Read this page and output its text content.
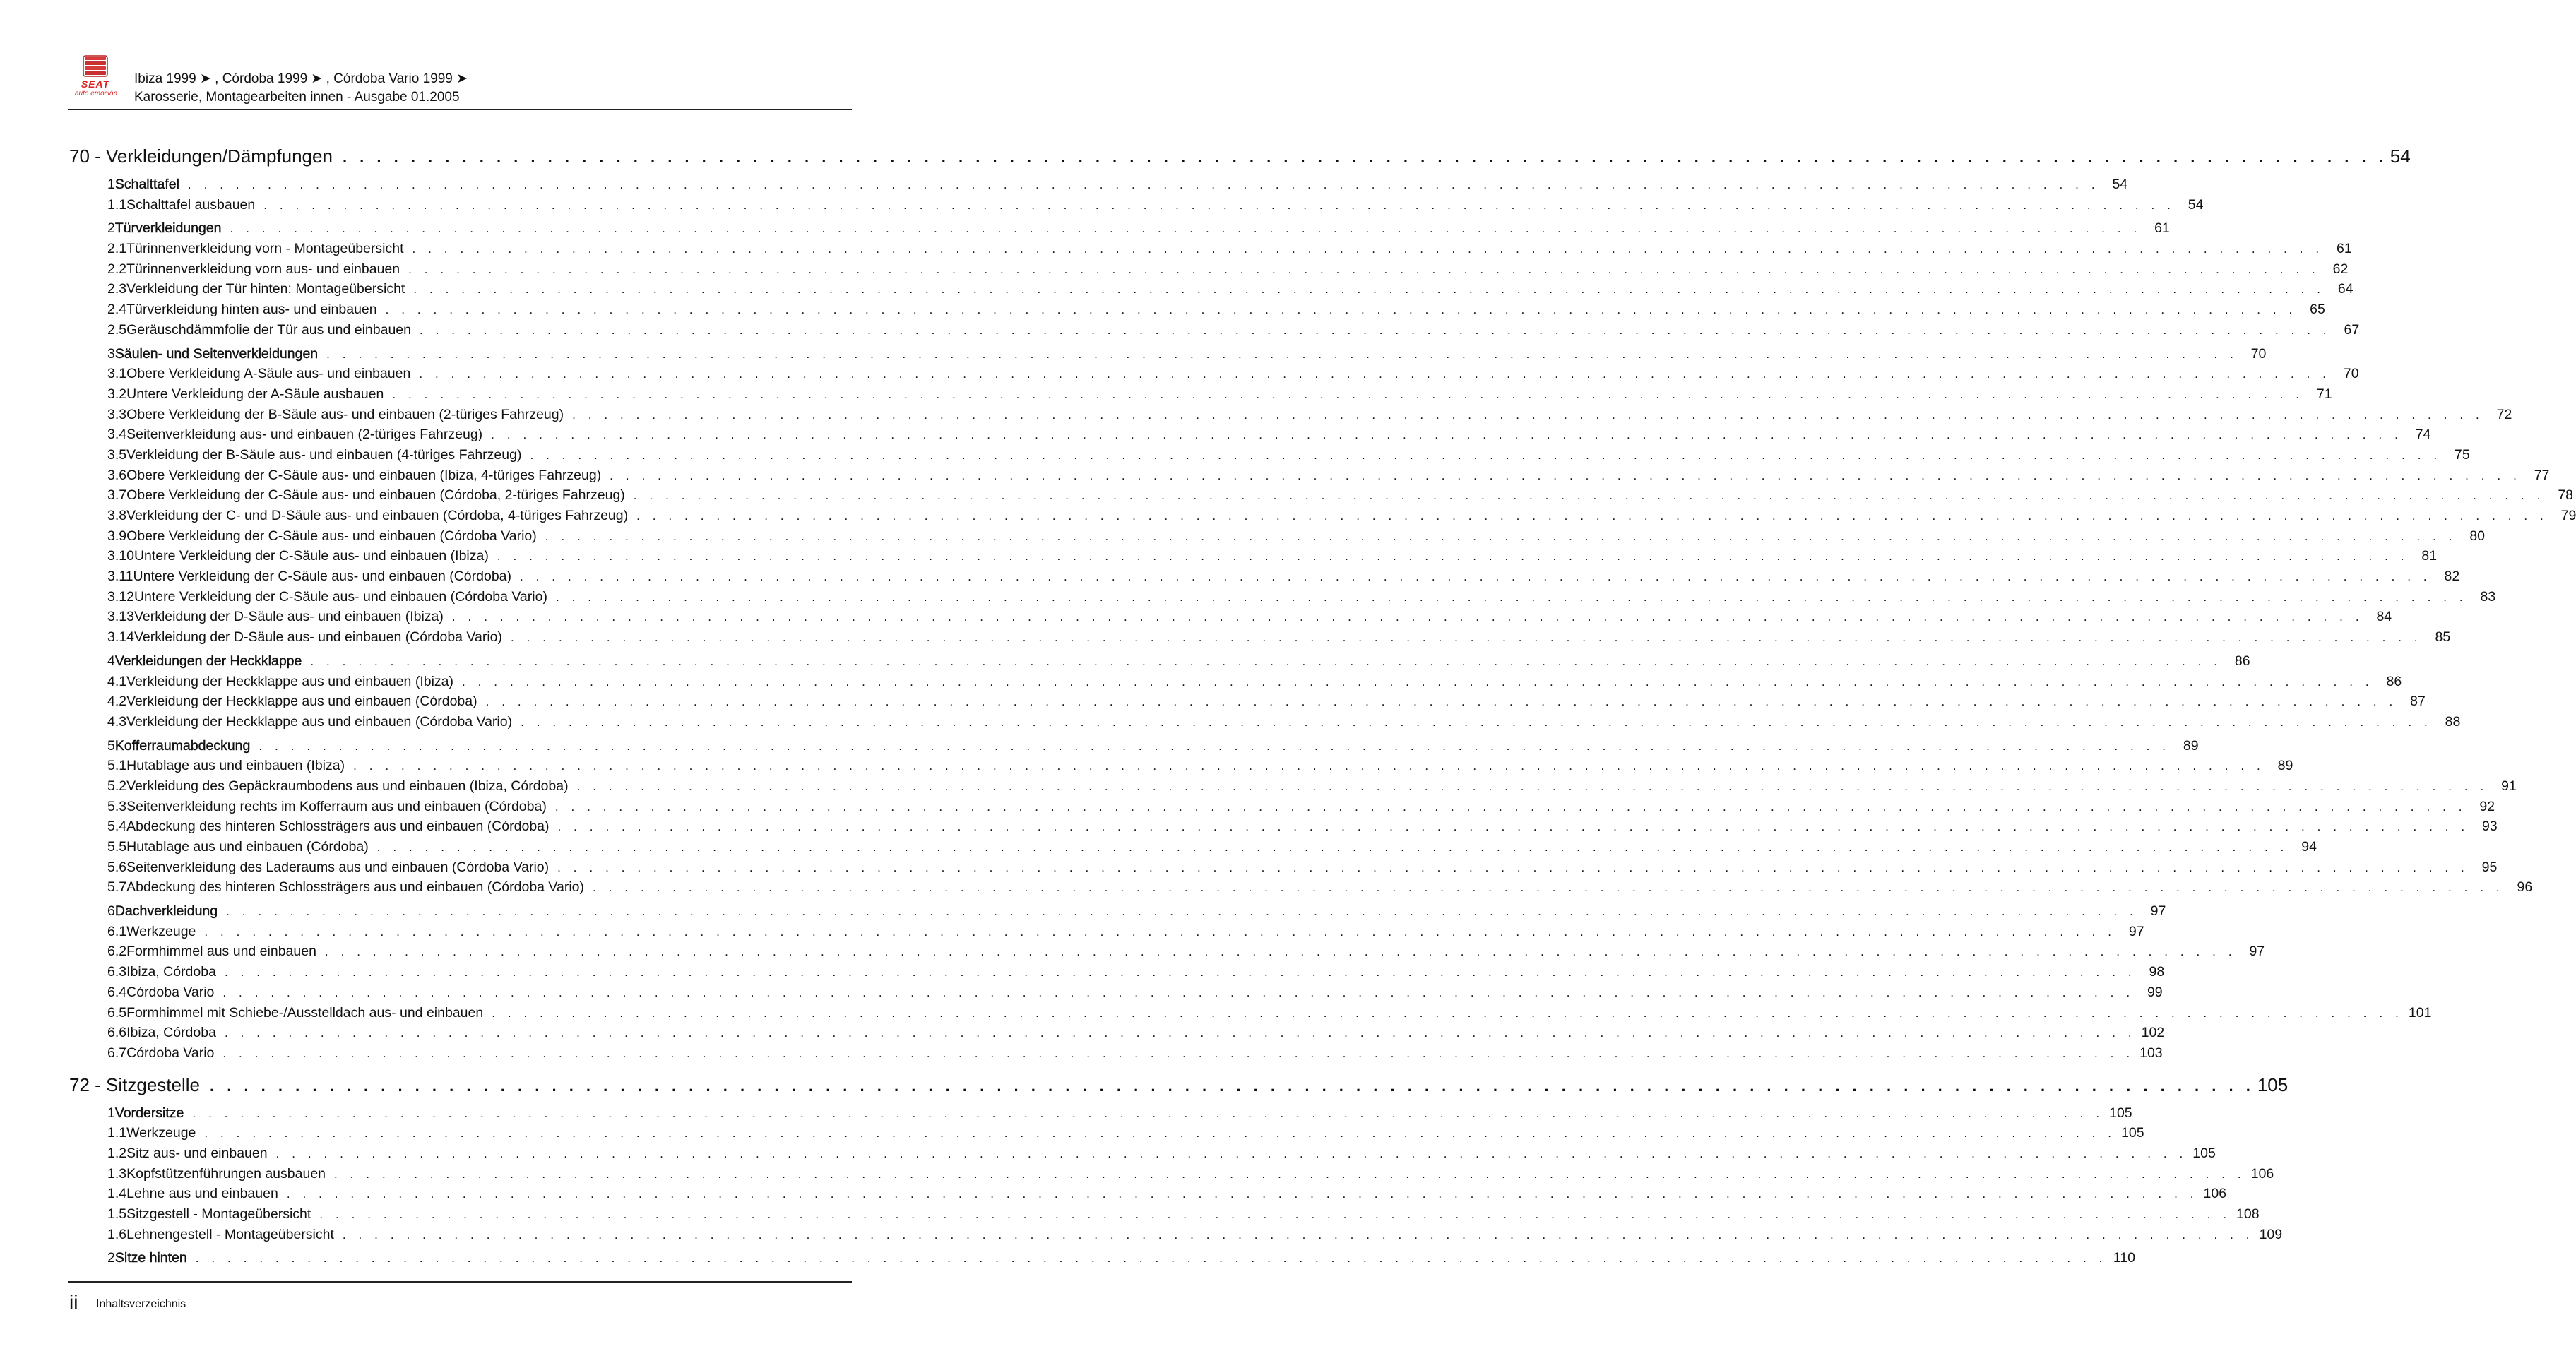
SEAT
auto emoción
Ibiza 1999 ➤ , Córdoba 1999 ➤ , Córdoba Vario 1999 ➤
Karosserie, Montagearbeiten innen - Ausgabe 01.2005
70 - Verkleidungen/Dämpfungen . . . . . . . . . . . . . . . . . . . . . . . . . . . . . . . . . . . . . . . . . . . . . . . . . . . . . . . . . . . . . . . . . . . . . . . . . . . . . . . . . . . . . . . . . . . . . . . . . . . . . . . . . . . . . . . . . . . . . . . . 54
1 Schalttafel . . . . . . . . . . . . . . . . . . . . . . . . . . . . . . . . . . . . . . . . . . . . . . . . . . . . . . . . . . . . . . . . . . . . . . . . . . . . . . . . . . . . . . . . . . . . . . . . . . . . . . . . . . . . . . . . . . . . . . . . 54
1.1 Schalttafel ausbauen . . . . . . . . . . . . . . . . . . . . . . . . . . . . . . . . . . . . . . . . . . . . . . . . . . . . . . . . . . . . . . . . . . . . . . . . . . . . . . . . . . . . . . . . . . . . . . . . . . . . . . . . . . . . . . . . . . . . . . . . 54
2 Türverkleidungen . . . . . . . . . . . . . . . . . . . . . . . . . . . . . . . . . . . . . . . . . . . . . . . . . . . . . . . . . . . . . . . . . . . . . . . . . . . . . . . . . . . . . . . . . . . . . . . . . . . . . . . . . . . . . . . . . . . . . . . . 61
2.1 Türinnenverkleidung vorn - Montageübersicht . . . . . . . . . . . . . . . . . . . . . . . . . . . . . . . . . . . . . . . . . . . . . . . . . . . . . . . . . . . . . . . . . . . . . . . . . . . . . . . . . . . . . . . . . . . . . . . . . . . . . . . . . . . . . . . . . . . . . . . . 61
2.2 Türinnenverkleidung vorn aus- und einbauen . . . . . . . . . . . . . . . . . . . . . . . . . . . . . . . . . . . . . . . . . . . . . . . . . . . . . . . . . . . . . . . . . . . . . . . . . . . . . . . . . . . . . . . . . . . . . . . . . . . . . . . . . . . . . . . . . . . . . . . . 62
2.3 Verkleidung der Tür hinten: Montageübersicht . . . . . . . . . . . . . . . . . . . . . . . . . . . . . . . . . . . . . . . . . . . . . . . . . . . . . . . . . . . . . . . . . . . . . . . . . . . . . . . . . . . . . . . . . . . . . . . . . . . . . . . . . . . . . . . . . . . . . . . . 64
2.4 Türverkleidung hinten aus- und einbauen . . . . . . . . . . . . . . . . . . . . . . . . . . . . . . . . . . . . . . . . . . . . . . . . . . . . . . . . . . . . . . . . . . . . . . . . . . . . . . . . . . . . . . . . . . . . . . . . . . . . . . . . . . . . . . . . . . . . . . . . 65
2.5 Geräuschdämmfolie der Tür aus und einbauen . . . . . . . . . . . . . . . . . . . . . . . . . . . . . . . . . . . . . . . . . . . . . . . . . . . . . . . . . . . . . . . . . . . . . . . . . . . . . . . . . . . . . . . . . . . . . . . . . . . . . . . . . . . . . . . . . . . . . . . . 67
3 Säulen- und Seitenverkleidungen . . . . . . . . . . . . . . . . . . . . . . . . . . . . . . . . . . . . . . . . . . . . . . . . . . . . . . . . . . . . . . . . . . . . . . . . . . . . . . . . . . . . . . . . . . . . . . . . . . . . . . . . . . . . . . . . . . . . . . . . 70
3.1 Obere Verkleidung A-Säule aus- und einbauen . . . . . . . . . . . . . . . . . . . . . . . . . . . . . . . . . . . . . . . . . . . . . . . . . . . . . . . . . . . . . . . . . . . . . . . . . . . . . . . . . . . . . . . . . . . . . . . . . . . . . . . . . . . . . . . . . . . . . . . . 70
3.2 Untere Verkleidung der A-Säule ausbauen . . . . . . . . . . . . . . . . . . . . . . . . . . . . . . . . . . . . . . . . . . . . . . . . . . . . . . . . . . . . . . . . . . . . . . . . . . . . . . . . . . . . . . . . . . . . . . . . . . . . . . . . . . . . . . . . . . . . . . . . 71
3.3 Obere Verkleidung der B-Säule aus- und einbauen (2-türiges Fahrzeug) . . . . . . . . . . . . . . . . . . . . . . . . . . . . . . . . . . . . . . . . . . . . . . . . . . . . . . . . . . . . . . . . . . . . . . . . . . . . . . . . . . . . . . . . . . . . . . . . . . . . . . . . . . . . . . . . . . . . . . . . 72
3.4 Seitenverkleidung aus- und einbauen (2-türiges Fahrzeug) . . . . . . . . . . . . . . . . . . . . . . . . . . . . . . . . . . . . . . . . . . . . . . . . . . . . . . . . . . . . . . . . . . . . . . . . . . . . . . . . . . . . . . . . . . . . . . . . . . . . . . . . . . . . . . . . . . . . . . . . 74
3.5 Verkleidung der B-Säule aus- und einbauen (4-türiges Fahrzeug) . . . . . . . . . . . . . . . . . . . . . . . . . . . . . . . . . . . . . . . . . . . . . . . . . . . . . . . . . . . . . . . . . . . . . . . . . . . . . . . . . . . . . . . . . . . . . . . . . . . . . . . . . . . . . . . . . . . . . . . . 75
3.6 Obere Verkleidung der C-Säule aus- und einbauen (Ibiza, 4-türiges Fahrzeug) . . . . . . . . . . . . . . . . . . . . . . . . . . . . . . . . . . . . . . . . . . . . . . . . . . . . . . . . . . . . . . . . . . . . . . . . . . . . . . . . . . . . . . . . . . . . . . . . . . . . . . . . . . . . . . . . . . . . . . . . 77
3.7 Obere Verkleidung der C-Säule aus- und einbauen (Córdoba, 2-türiges Fahrzeug) . . . . . . . . . . . . . . . . . . . . . . . . . . . . . . . . . . . . . . . . . . . . . . . . . . . . . . . . . . . . . . . . . . . . . . . . . . . . . . . . . . . . . . . . . . . . . . . . . . . . . . . . . . . . . . . . . . . . . . . . 78
3.8 Verkleidung der C- und D-Säule aus- und einbauen (Córdoba, 4-türiges Fahrzeug) . . . . . . . . . . . . . . . . . . . . . . . . . . . . . . . . . . . . . . . . . . . . . . . . . . . . . . . . . . . . . . . . . . . . . . . . . . . . . . . . . . . . . . . . . . . . . . . . . . . . . . . . . . . . . . . . . . . . . . . . 79
3.9 Obere Verkleidung der C-Säule aus- und einbauen (Córdoba Vario) . . . . . . . . . . . . . . . . . . . . . . . . . . . . . . . . . . . . . . . . . . . . . . . . . . . . . . . . . . . . . . . . . . . . . . . . . . . . . . . . . . . . . . . . . . . . . . . . . . . . . . . . . . . . . . . . . . . . . . . . 80
3.10 Untere Verkleidung der C-Säule aus- und einbauen (Ibiza) . . . . . . . . . . . . . . . . . . . . . . . . . . . . . . . . . . . . . . . . . . . . . . . . . . . . . . . . . . . . . . . . . . . . . . . . . . . . . . . . . . . . . . . . . . . . . . . . . . . . . . . . . . . . . . . . . . . . . . . . 81
3.11 Untere Verkleidung der C-Säule aus- und einbauen (Córdoba) . . . . . . . . . . . . . . . . . . . . . . . . . . . . . . . . . . . . . . . . . . . . . . . . . . . . . . . . . . . . . . . . . . . . . . . . . . . . . . . . . . . . . . . . . . . . . . . . . . . . . . . . . . . . . . . . . . . . . . . . 82
3.12 Untere Verkleidung der C-Säule aus- und einbauen (Córdoba Vario) . . . . . . . . . . . . . . . . . . . . . . . . . . . . . . . . . . . . . . . . . . . . . . . . . . . . . . . . . . . . . . . . . . . . . . . . . . . . . . . . . . . . . . . . . . . . . . . . . . . . . . . . . . . . . . . . . . . . . . . . 83
3.13 Verkleidung der D-Säule aus- und einbauen (Ibiza) . . . . . . . . . . . . . . . . . . . . . . . . . . . . . . . . . . . . . . . . . . . . . . . . . . . . . . . . . . . . . . . . . . . . . . . . . . . . . . . . . . . . . . . . . . . . . . . . . . . . . . . . . . . . . . . . . . . . . . . . 84
3.14 Verkleidung der D-Säule aus- und einbauen (Córdoba Vario) . . . . . . . . . . . . . . . . . . . . . . . . . . . . . . . . . . . . . . . . . . . . . . . . . . . . . . . . . . . . . . . . . . . . . . . . . . . . . . . . . . . . . . . . . . . . . . . . . . . . . . . . . . . . . . . . . . . . . . . . 85
4 Verkleidungen der Heckklappe . . . . . . . . . . . . . . . . . . . . . . . . . . . . . . . . . . . . . . . . . . . . . . . . . . . . . . . . . . . . . . . . . . . . . . . . . . . . . . . . . . . . . . . . . . . . . . . . . . . . . . . . . . . . . . . . . . . . . . . . 86
4.1 Verkleidung der Heckklappe aus und einbauen (Ibiza) . . . . . . . . . . . . . . . . . . . . . . . . . . . . . . . . . . . . . . . . . . . . . . . . . . . . . . . . . . . . . . . . . . . . . . . . . . . . . . . . . . . . . . . . . . . . . . . . . . . . . . . . . . . . . . . . . . . . . . . . 86
4.2 Verkleidung der Heckklappe aus und einbauen (Córdoba) . . . . . . . . . . . . . . . . . . . . . . . . . . . . . . . . . . . . . . . . . . . . . . . . . . . . . . . . . . . . . . . . . . . . . . . . . . . . . . . . . . . . . . . . . . . . . . . . . . . . . . . . . . . . . . . . . . . . . . . . 87
4.3 Verkleidung der Heckklappe aus und einbauen (Córdoba Vario) . . . . . . . . . . . . . . . . . . . . . . . . . . . . . . . . . . . . . . . . . . . . . . . . . . . . . . . . . . . . . . . . . . . . . . . . . . . . . . . . . . . . . . . . . . . . . . . . . . . . . . . . . . . . . . . . . . . . . . . . 88
5 Kofferraumabdeckung . . . . . . . . . . . . . . . . . . . . . . . . . . . . . . . . . . . . . . . . . . . . . . . . . . . . . . . . . . . . . . . . . . . . . . . . . . . . . . . . . . . . . . . . . . . . . . . . . . . . . . . . . . . . . . . . . . . . . . . . 89
5.1 Hutablage aus und einbauen (Ibiza) . . . . . . . . . . . . . . . . . . . . . . . . . . . . . . . . . . . . . . . . . . . . . . . . . . . . . . . . . . . . . . . . . . . . . . . . . . . . . . . . . . . . . . . . . . . . . . . . . . . . . . . . . . . . . . . . . . . . . . . . 89
5.2 Verkleidung des Gepäckraumbodens aus und einbauen (Ibiza, Córdoba) . . . . . . . . . . . . . . . . . . . . . . . . . . . . . . . . . . . . . . . . . . . . . . . . . . . . . . . . . . . . . . . . . . . . . . . . . . . . . . . . . . . . . . . . . . . . . . . . . . . . . . . . . . . . . . . . . . . . . . . . 91
5.3 Seitenverkleidung rechts im Kofferraum aus und einbauen (Córdoba) . . . . . . . . . . . . . . . . . . . . . . . . . . . . . . . . . . . . . . . . . . . . . . . . . . . . . . . . . . . . . . . . . . . . . . . . . . . . . . . . . . . . . . . . . . . . . . . . . . . . . . . . . . . . . . . . . . . . . . . . 92
5.4 Abdeckung des hinteren Schlossträgers aus und einbauen (Córdoba) . . . . . . . . . . . . . . . . . . . . . . . . . . . . . . . . . . . . . . . . . . . . . . . . . . . . . . . . . . . . . . . . . . . . . . . . . . . . . . . . . . . . . . . . . . . . . . . . . . . . . . . . . . . . . . . . . . . . . . . . 93
5.5 Hutablage aus und einbauen (Córdoba) . . . . . . . . . . . . . . . . . . . . . . . . . . . . . . . . . . . . . . . . . . . . . . . . . . . . . . . . . . . . . . . . . . . . . . . . . . . . . . . . . . . . . . . . . . . . . . . . . . . . . . . . . . . . . . . . . . . . . . . . 94
5.6 Seitenverkleidung des Laderaums aus und einbauen (Córdoba Vario) . . . . . . . . . . . . . . . . . . . . . . . . . . . . . . . . . . . . . . . . . . . . . . . . . . . . . . . . . . . . . . . . . . . . . . . . . . . . . . . . . . . . . . . . . . . . . . . . . . . . . . . . . . . . . . . . . . . . . . . . 95
5.7 Abdeckung des hinteren Schlossträgers aus und einbauen (Córdoba Vario) . . . . . . . . . . . . . . . . . . . . . . . . . . . . . . . . . . . . . . . . . . . . . . . . . . . . . . . . . . . . . . . . . . . . . . . . . . . . . . . . . . . . . . . . . . . . . . . . . . . . . . . . . . . . . . . . . . . . . . . . 96
6 Dachverkleidung . . . . . . . . . . . . . . . . . . . . . . . . . . . . . . . . . . . . . . . . . . . . . . . . . . . . . . . . . . . . . . . . . . . . . . . . . . . . . . . . . . . . . . . . . . . . . . . . . . . . . . . . . . . . . . . . . . . . . . . . 97
6.1 Werkzeuge . . . . . . . . . . . . . . . . . . . . . . . . . . . . . . . . . . . . . . . . . . . . . . . . . . . . . . . . . . . . . . . . . . . . . . . . . . . . . . . . . . . . . . . . . . . . . . . . . . . . . . . . . . . . . . . . . . . . . . . . 97
6.2 Formhimmel aus und einbauen . . . . . . . . . . . . . . . . . . . . . . . . . . . . . . . . . . . . . . . . . . . . . . . . . . . . . . . . . . . . . . . . . . . . . . . . . . . . . . . . . . . . . . . . . . . . . . . . . . . . . . . . . . . . . . . . . . . . . . . . 97
6.3 Ibiza, Córdoba . . . . . . . . . . . . . . . . . . . . . . . . . . . . . . . . . . . . . . . . . . . . . . . . . . . . . . . . . . . . . . . . . . . . . . . . . . . . . . . . . . . . . . . . . . . . . . . . . . . . . . . . . . . . . . . . . . . . . . . . 98
6.4 Córdoba Vario . . . . . . . . . . . . . . . . . . . . . . . . . . . . . . . . . . . . . . . . . . . . . . . . . . . . . . . . . . . . . . . . . . . . . . . . . . . . . . . . . . . . . . . . . . . . . . . . . . . . . . . . . . . . . . . . . . . . . . . . 99
6.5 Formhimmel mit Schiebe-/Ausstelldach aus- und einbauen . . . . . . . . . . . . . . . . . . . . . . . . . . . . . . . . . . . . . . . . . . . . . . . . . . . . . . . . . . . . . . . . . . . . . . . . . . . . . . . . . . . . . . . . . . . . . . . . . . . . . . . . . . . . . . . . . . . . . . . . 101
6.6 Ibiza, Córdoba . . . . . . . . . . . . . . . . . . . . . . . . . . . . . . . . . . . . . . . . . . . . . . . . . . . . . . . . . . . . . . . . . . . . . . . . . . . . . . . . . . . . . . . . . . . . . . . . . . . . . . . . . . . . . . . . . . . . . . . . 102
6.7 Córdoba Vario . . . . . . . . . . . . . . . . . . . . . . . . . . . . . . . . . . . . . . . . . . . . . . . . . . . . . . . . . . . . . . . . . . . . . . . . . . . . . . . . . . . . . . . . . . . . . . . . . . . . . . . . . . . . . . . . . . . . . . . . 103
72 - Sitzgestelle . . . . . . . . . . . . . . . . . . . . . . . . . . . . . . . . . . . . . . . . . . . . . . . . . . . . . . . . . . . . . . . . . . . . . . . . . . . . . . . . . . . . . . . . . . . . . . . . . . . . . . . . . . . . . . . . . . . . . . . . 105
1 Vordersitze . . . . . . . . . . . . . . . . . . . . . . . . . . . . . . . . . . . . . . . . . . . . . . . . . . . . . . . . . . . . . . . . . . . . . . . . . . . . . . . . . . . . . . . . . . . . . . . . . . . . . . . . . . . . . . . . . . . . . . . . 105
1.1 Werkzeuge . . . . . . . . . . . . . . . . . . . . . . . . . . . . . . . . . . . . . . . . . . . . . . . . . . . . . . . . . . . . . . . . . . . . . . . . . . . . . . . . . . . . . . . . . . . . . . . . . . . . . . . . . . . . . . . . . . . . . . . . 105
1.2 Sitz aus- und einbauen . . . . . . . . . . . . . . . . . . . . . . . . . . . . . . . . . . . . . . . . . . . . . . . . . . . . . . . . . . . . . . . . . . . . . . . . . . . . . . . . . . . . . . . . . . . . . . . . . . . . . . . . . . . . . . . . . . . . . . . . 105
1.3 Kopfstützenführungen ausbauen . . . . . . . . . . . . . . . . . . . . . . . . . . . . . . . . . . . . . . . . . . . . . . . . . . . . . . . . . . . . . . . . . . . . . . . . . . . . . . . . . . . . . . . . . . . . . . . . . . . . . . . . . . . . . . . . . . . . . . . . 106
1.4 Lehne aus und einbauen . . . . . . . . . . . . . . . . . . . . . . . . . . . . . . . . . . . . . . . . . . . . . . . . . . . . . . . . . . . . . . . . . . . . . . . . . . . . . . . . . . . . . . . . . . . . . . . . . . . . . . . . . . . . . . . . . . . . . . . . 106
1.5 Sitzgestell - Montageübersicht . . . . . . . . . . . . . . . . . . . . . . . . . . . . . . . . . . . . . . . . . . . . . . . . . . . . . . . . . . . . . . . . . . . . . . . . . . . . . . . . . . . . . . . . . . . . . . . . . . . . . . . . . . . . . . . . . . . . . . . . 108
1.6 Lehnengestell - Montageübersicht . . . . . . . . . . . . . . . . . . . . . . . . . . . . . . . . . . . . . . . . . . . . . . . . . . . . . . . . . . . . . . . . . . . . . . . . . . . . . . . . . . . . . . . . . . . . . . . . . . . . . . . . . . . . . . . . . . . . . . . . 109
2 Sitze hinten . . . . . . . . . . . . . . . . . . . . . . . . . . . . . . . . . . . . . . . . . . . . . . . . . . . . . . . . . . . . . . . . . . . . . . . . . . . . . . . . . . . . . . . . . . . . . . . . . . . . . . . . . . . . . . . . . . . . . . . . 110
ii Inhaltsverzeichnis
